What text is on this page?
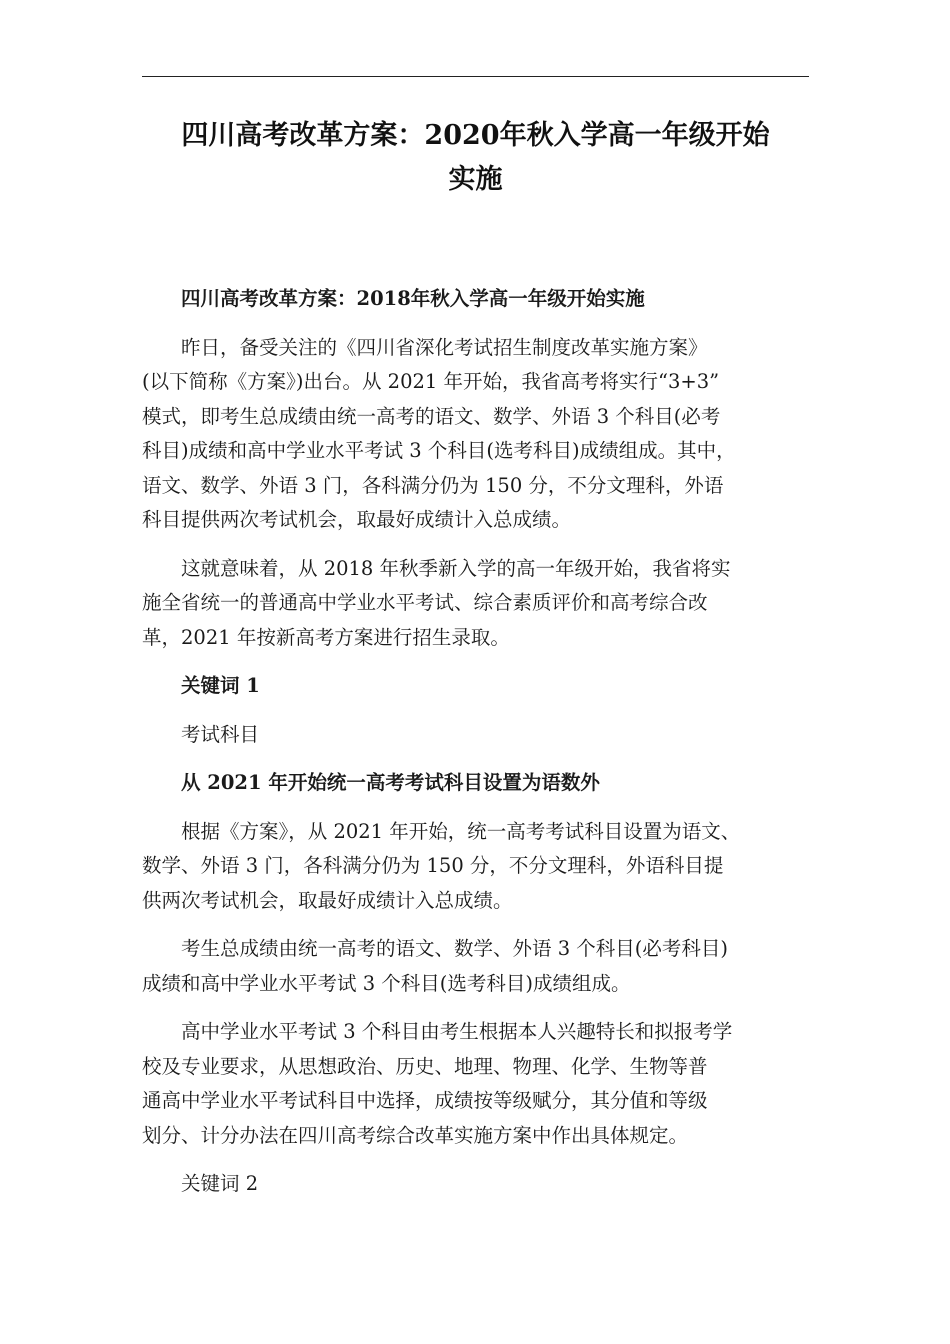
四川高考改革方案：2020年秋入学高一年级开始
实施
四川高考改革方案：2018年秋入学高一年级开始实施
昨日，备受关注的《四川省深化考试招生制度改革实施方案》
(以下简称《方案》)出台。从 2021 年开始，我省高考将实行“3+3”
模式，即考生总成绩由统一高考的语文、数学、外语 3 个科目(必考
科目)成绩和高中学业水平考试 3 个科目(选考科目)成绩组成。其中，
语文、数学、外语 3 门，各科满分仍为 150 分，不分文理科，外语
科目提供两次考试机会，取最好成绩计入总成绩。
这就意味着，从 2018 年秋季新入学的高一年级开始，我省将实
施全省统一的普通高中学业水平考试、综合素质评价和高考综合改
革，2021 年按新高考方案进行招生录取。
关键词 1
考试科目
从 2021 年开始统一高考考试科目设置为语数外
根据《方案》，从 2021 年开始，统一高考考试科目设置为语文、
数学、外语 3 门，各科满分仍为 150 分，不分文理科，外语科目提
供两次考试机会，取最好成绩计入总成绩。
考生总成绩由统一高考的语文、数学、外语 3 个科目(必考科目)
成绩和高中学业水平考试 3 个科目(选考科目)成绩组成。
高中学业水平考试 3 个科目由考生根据本人兴趣特长和拟报考学
校及专业要求，从思想政治、历史、地理、物理、化学、生物等普
通高中学业水平考试科目中选择，成绩按等级赋分，其分值和等级
划分、计分办法在四川高考综合改革实施方案中作出具体规定。
关键词 2
